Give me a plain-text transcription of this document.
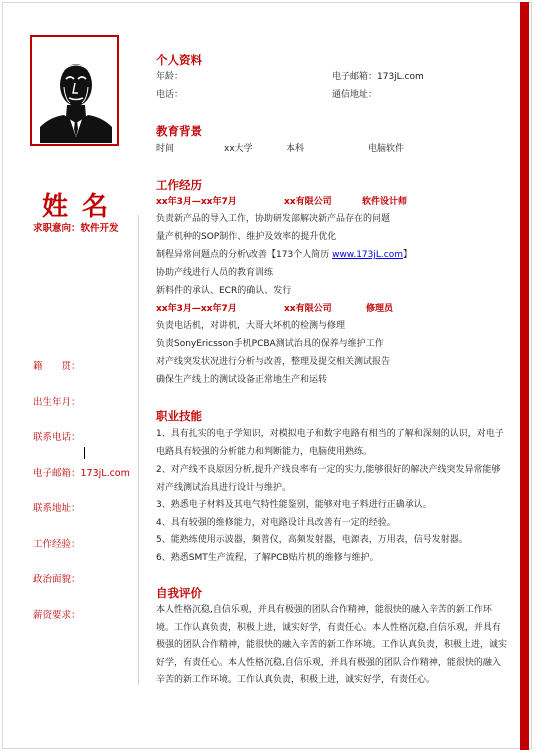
姓名
求职意向：软件开发
籍　　贯：
出生年月：
联系电话：
电子邮箱：173jL.com
联系地址：
工作经验：
政治面貌：
薪资要求：
个人资料
年龄：	电子邮箱：173jL.com
电话：	通信地址：
教育背景
时间	xx大学	本科	电脑软件
工作经历
xx年3月—xx年7月	xx有限公司	软件设计师
负责新产品的导入工作，协助研发部解决新产品存在的问题
量产机种的SOP制作、维护及效率的提升优化
制程异常问题点的分析\改善【173个人简历 www.173jL.com】
协助产线进行人员的教育训练
新料件的承认、ECR的确认、发行
xx年3月—xx年7月	xx有限公司	修理员
负责电话机，对讲机，大哥大坏机的检测与修理
负责SonyEricsson手机PCBA测试治具的保养与维护工作
对产线突发状况进行分析与改善，整理及提交相关测试报告
确保生产线上的测试设备正常地生产和运转
职业技能
1、具有扎实的电子学知识，对模拟电子和数字电路有相当的了解和深刻的认识，对电子电路具有较强的分析能力和判断能力，电脑使用熟练。
2、对产线不良原因分析,提升产线良率有一定的实力,能够很好的解决产线突发异常能够对产线测试治具进行设计与维护。
3、熟悉电子材料及其电气特性能鉴别，能够对电子料进行正确承认。
4、具有较强的维修能力，对电路设计具改善有一定的经验。
5、能熟练使用示波器，频普仪，高频发射器，电源表，万用表，信号发射器。
6、熟悉SMT生产流程，了解PCB贴片机的维修与维护。
自我评价
本人性格沉稳,自信乐观，并具有极强的团队合作精神，能很快的融入辛苦的新工作环境。工作认真负责，积极上进，诚实好学，有责任心。本人性格沉稳,自信乐观，并具有极强的团队合作精神，能很快的融入辛苦的新工作环境。工作认真负责，积极上进，诚实好学，有责任心。本人性格沉稳,自信乐观，并具有极强的团队合作精神，能很快的融入辛苦的新工作环境。工作认真负责，积极上进，诚实好学，有责任心。
